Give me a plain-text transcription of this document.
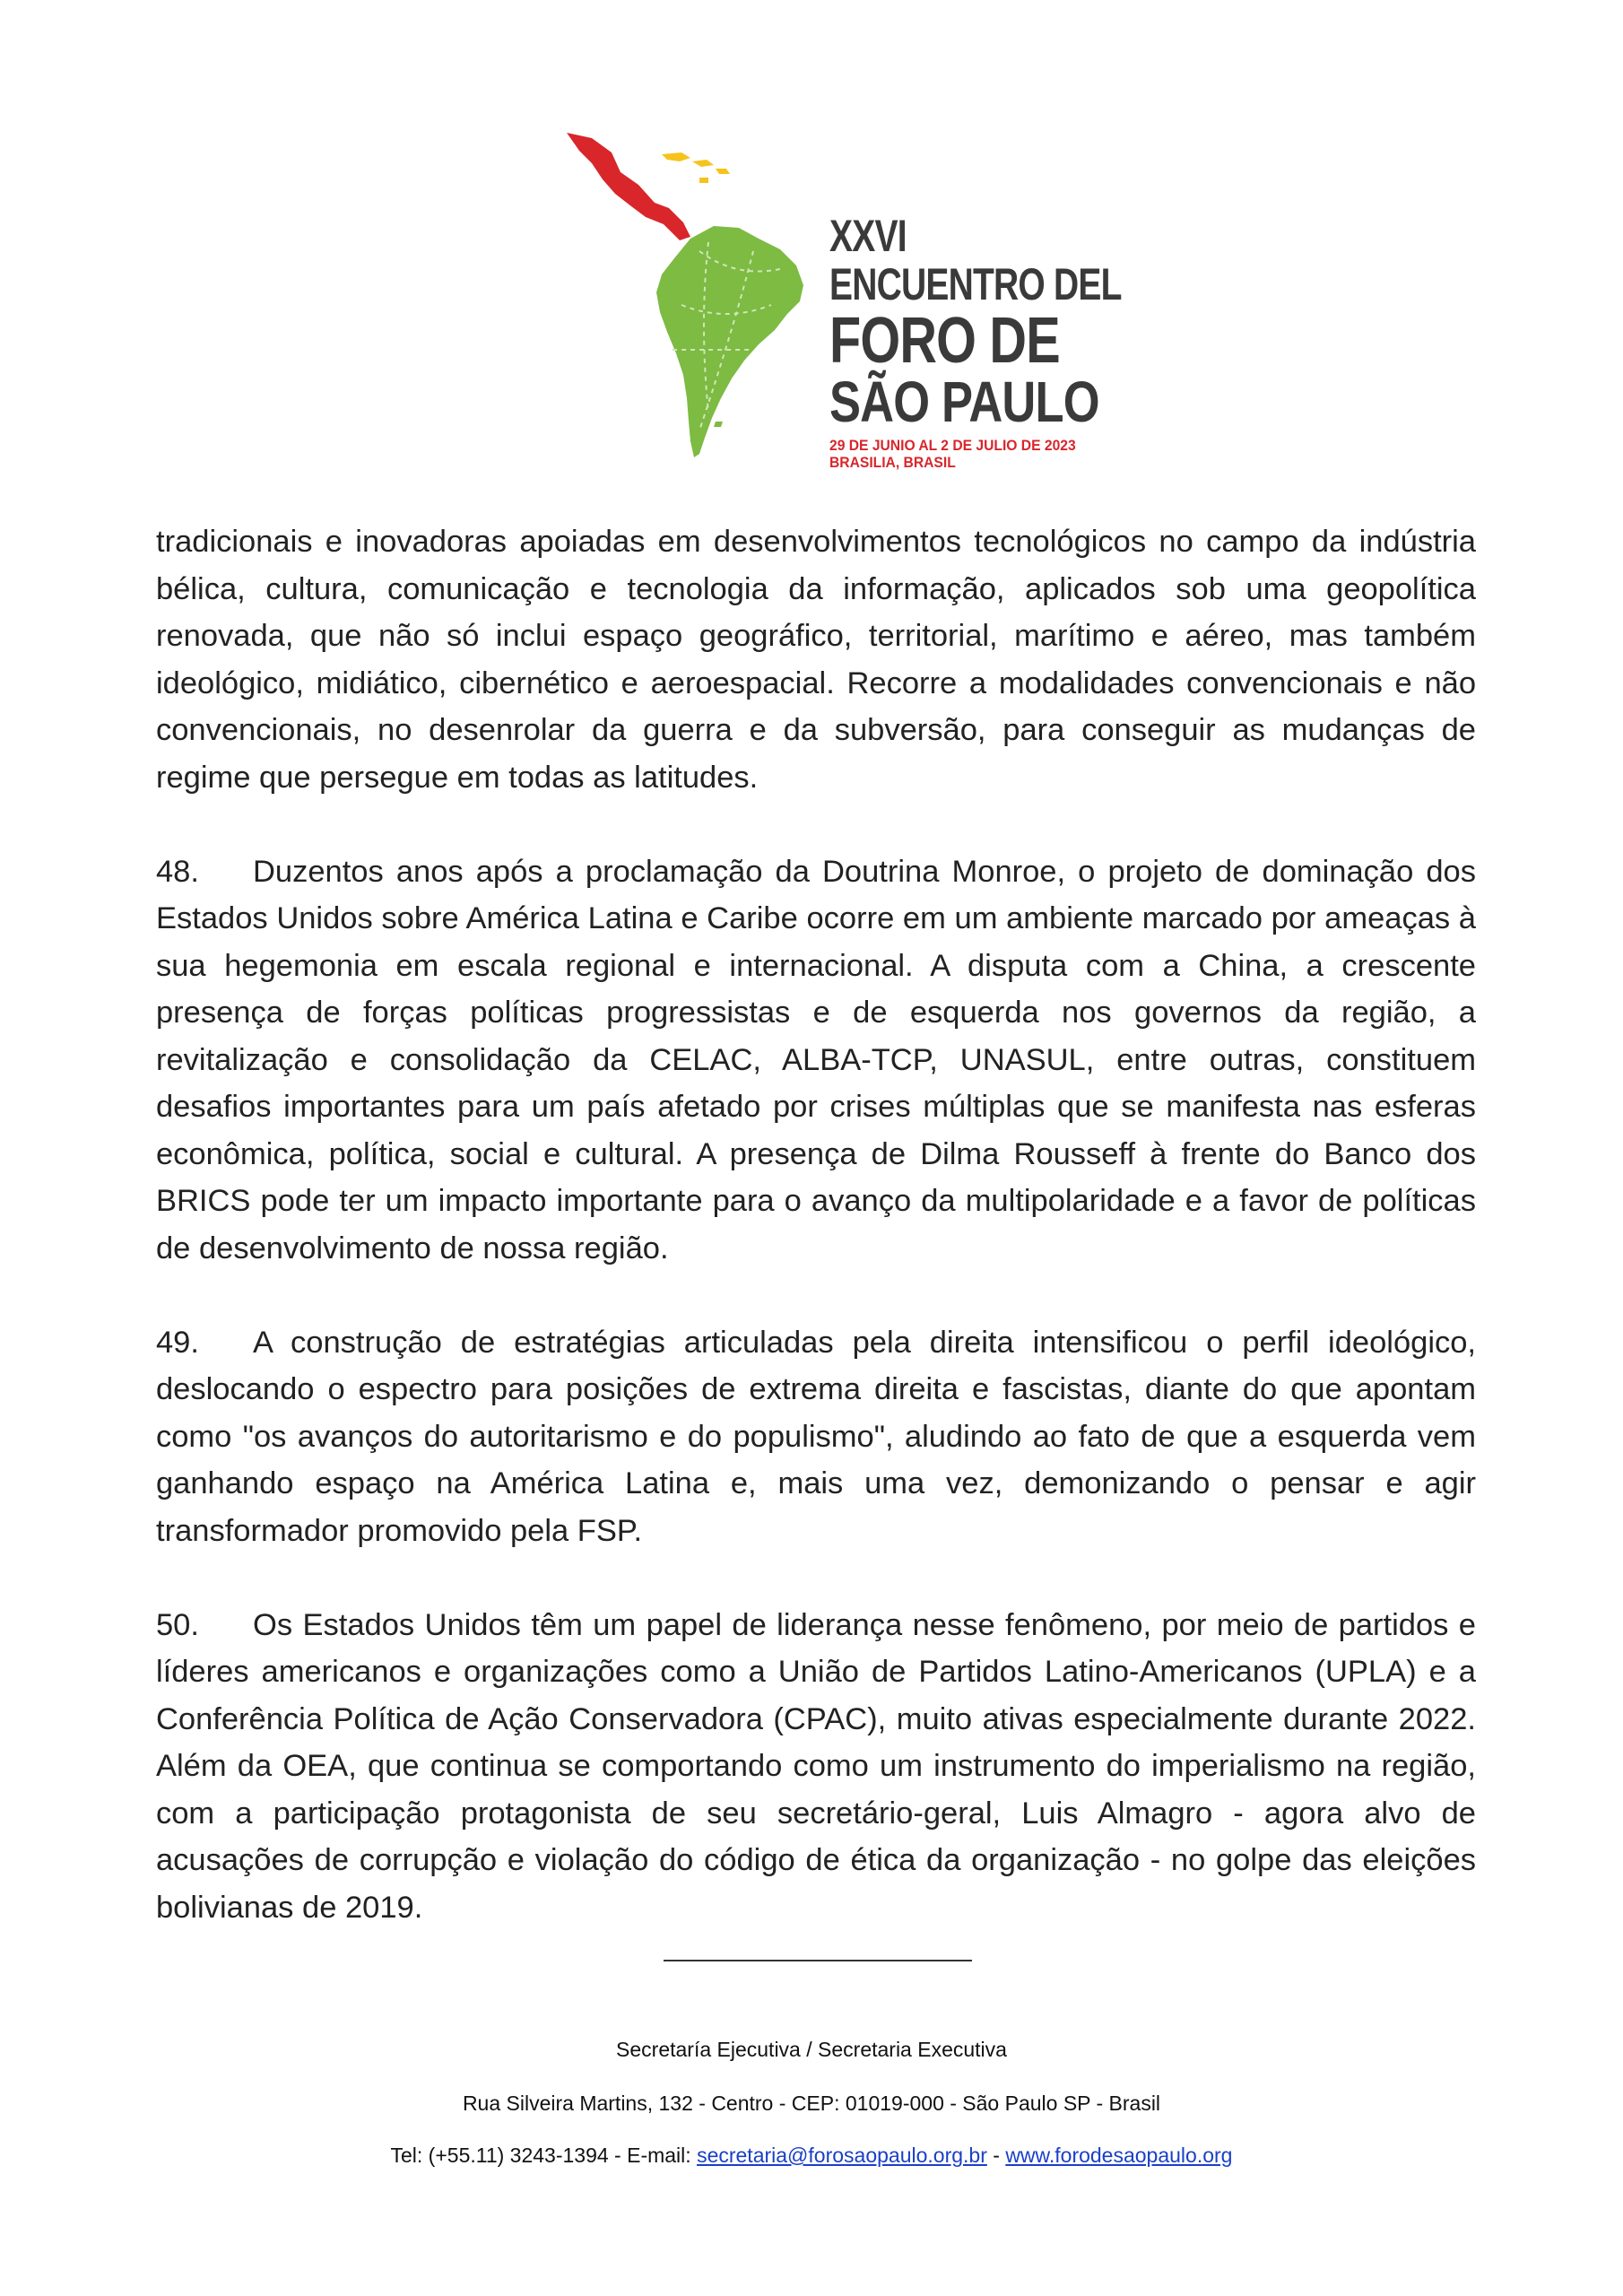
XXVI
ENCUENTRO DEL
FORO DE
SÃO PAULO
29 DE JUNIO AL 2 DE JULIO DE 2023
BRASILIA, BRASIL

tradicionais e inovadoras apoiadas em desenvolvimentos tecnológicos no campo da indústria bélica, cultura, comunicação e tecnologia da informação, aplicados sob uma geopolítica renovada, que não só inclui espaço geográfico, territorial, marítimo e aéreo, mas também ideológico, midiático, cibernético e aeroespacial. Recorre a modalidades convencionais e não convencionais, no desenrolar da guerra e da subversão, para conseguir as mudanças de regime que persegue em todas as latitudes.

48. Duzentos anos após a proclamação da Doutrina Monroe, o projeto de dominação dos Estados Unidos sobre América Latina e Caribe ocorre em um ambiente marcado por ameaças à sua hegemonia em escala regional e internacional. A disputa com a China, a crescente presença de forças políticas progressistas e de esquerda nos governos da região, a revitalização e consolidação da CELAC, ALBA-TCP, UNASUL, entre outras, constituem desafios importantes para um país afetado por crises múltiplas que se manifesta nas esferas econômica, política, social e cultural. A presença de Dilma Rousseff à frente do Banco dos BRICS pode ter um impacto importante para o avanço da multipolaridade e a favor de políticas de desenvolvimento de nossa região.

49. A construção de estratégias articuladas pela direita intensificou o perfil ideológico, deslocando o espectro para posições de extrema direita e fascistas, diante do que apontam como "os avanços do autoritarismo e do populismo", aludindo ao fato de que a esquerda vem ganhando espaço na América Latina e, mais uma vez, demonizando o pensar e agir transformador promovido pela FSP.

50. Os Estados Unidos têm um papel de liderança nesse fenômeno, por meio de partidos e líderes americanos e organizações como a União de Partidos Latino-Americanos (UPLA) e a Conferência Política de Ação Conservadora (CPAC), muito ativas especialmente durante 2022. Além da OEA, que continua se comportando como um instrumento do imperialismo na região, com a participação protagonista de seu secretário-geral, Luis Almagro - agora alvo de acusações de corrupção e violação do código de ética da organização - no golpe das eleições bolivianas de 2019.

Secretaría Ejecutiva / Secretaria Executiva
Rua Silveira Martins, 132 - Centro - CEP: 01019-000 - São Paulo SP - Brasil
Tel: (+55.11) 3243-1394 - E-mail: secretaria@forosaopaulo.org.br - www.forodesaopaulo.org
